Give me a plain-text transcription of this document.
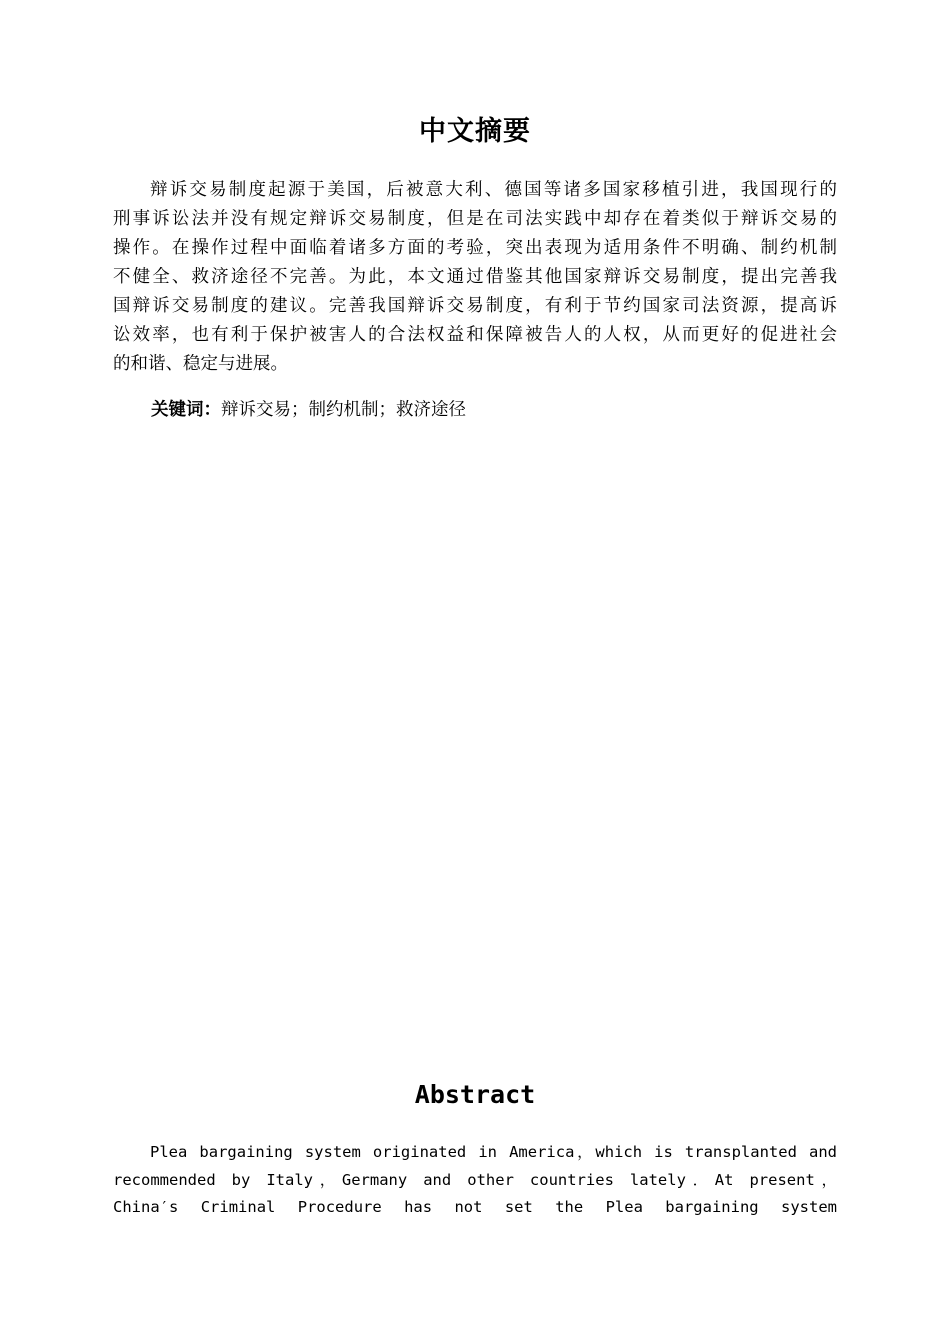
中文摘要
辩诉交易制度起源于美国，后被意大利、德国等诸多国家移植引进，我国现行的
刑事诉讼法并没有规定辩诉交易制度，但是在司法实践中却存在着类似于辩诉交易的
操作。在操作过程中面临着诸多方面的考验，突出表现为适用条件不明确、制约机制
不健全、救济途径不完善。为此，本文通过借鉴其他国家辩诉交易制度，提出完善我
国辩诉交易制度的建议。完善我国辩诉交易制度，有利于节约国家司法资源，提高诉
讼效率，也有利于保护被害人的合法权益和保障被告人的人权，从而更好的促进社会
的和谐、稳定与进展。

关键词：辩诉交易；制约机制；救济途径

Abstract
Plea bargaining system originated in America，which is transplanted and
recommended by Italy，Germany and other countries lately．At present，
China′s Criminal Procedure has not set the Plea bargaining system
